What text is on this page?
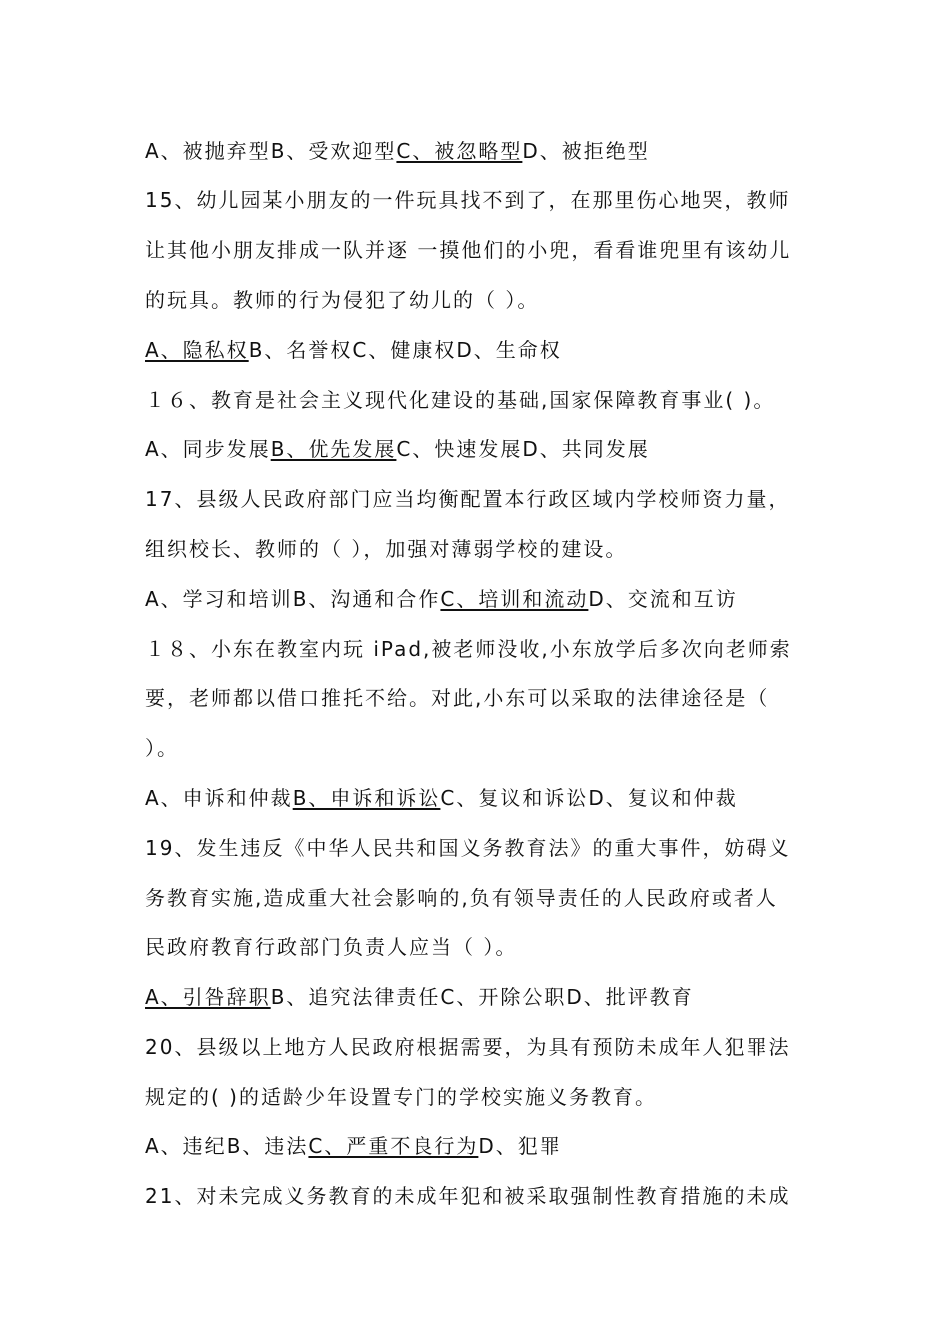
A、被抛弃型B、受欢迎型C、被忽略型D、被拒绝型
15、幼儿园某小朋友的一件玩具找不到了，在那里伤心地哭，教师
让其他小朋友排成一队并逐 一摸他们的小兜，看看谁兜里有该幼儿
的玩具。教师的行为侵犯了幼儿的（ ）。
A、隐私权B、名誉权C、健康权D、生命权
１６、教育是社会主义现代化建设的基础,国家保障教育事业( )。
A、同步发展B、优先发展C、快速发展D、共同发展
17、县级人民政府部门应当均衡配置本行政区域内学校师资力量，
组织校长、教师的（ ），加强对薄弱学校的建设。
A、学习和培训B、沟通和合作C、培训和流动D、交流和互访
１８、小东在教室内玩 iPad,被老师没收,小东放学后多次向老师索
要，老师都以借口推托不给。对此,小东可以采取的法律途径是（
）。
A、申诉和仲裁B、申诉和诉讼C、复议和诉讼D、复议和仲裁
19、发生违反《中华人民共和国义务教育法》的重大事件，妨碍义
务教育实施,造成重大社会影响的,负有领导责任的人民政府或者人
民政府教育行政部门负责人应当（ ）。
A、引咎辞职B、追究法律责任C、开除公职D、批评教育
20、县级以上地方人民政府根据需要，为具有预防未成年人犯罪法
规定的( )的适龄少年设置专门的学校实施义务教育。
A、违纪B、违法C、严重不良行为D、犯罪
21、对未完成义务教育的未成年犯和被采取强制性教育措施的未成
